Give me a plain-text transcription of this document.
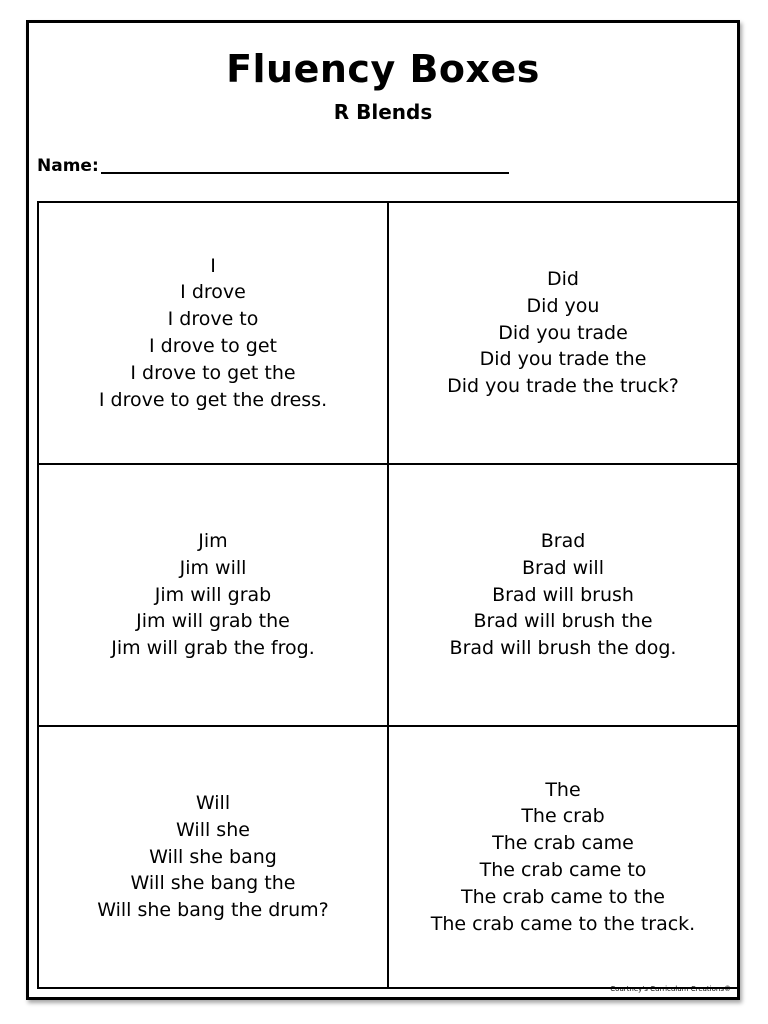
Fluency Boxes
R Blends
Name:
I
I drove
I drove to
I drove to get
I drove to get the
I drove to get the dress.
Did
Did you
Did you trade
Did you trade the
Did you trade the truck?
Jim
Jim will
Jim will grab
Jim will grab the
Jim will grab the frog.
Brad
Brad will
Brad will brush
Brad will brush the
Brad will brush the dog.
Will
Will she
Will she bang
Will she bang the
Will she bang the drum?
The
The crab
The crab came
The crab came to
The crab came to the
The crab came to the track.
Courtney's Curriculum Creations©
